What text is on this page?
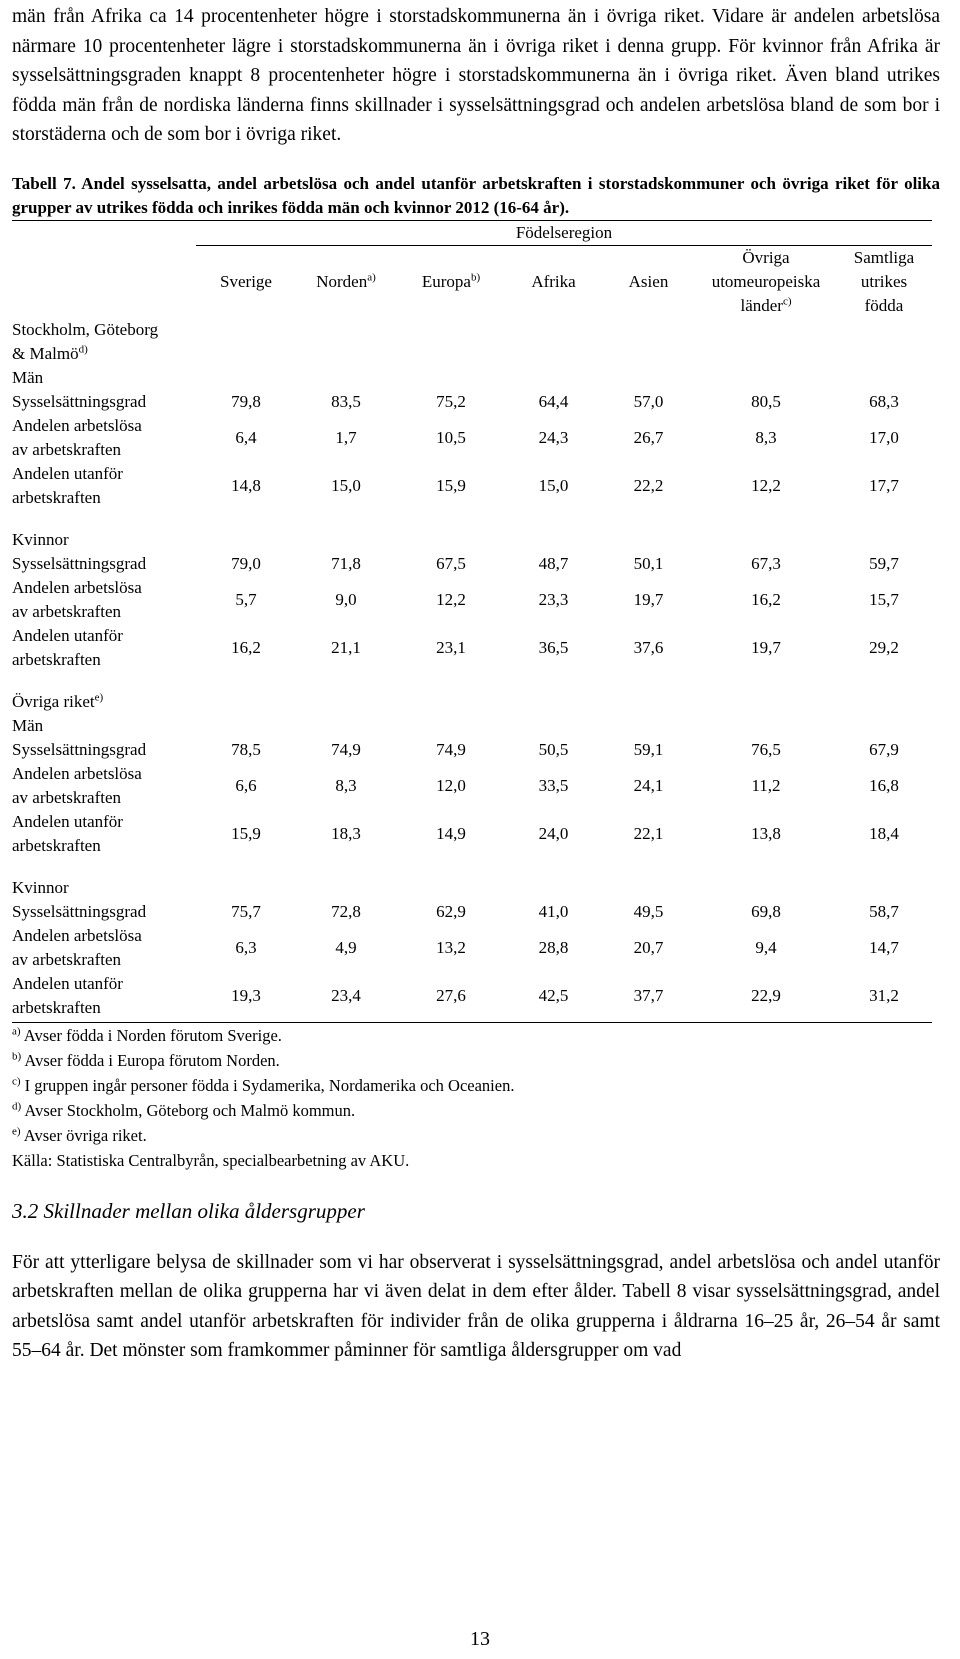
män från Afrika ca 14 procentenheter högre i storstadskommunerna än i övriga riket. Vidare är andelen arbetslösa närmare 10 procentenheter lägre i storstadskommunerna än i övriga riket i denna grupp. För kvinnor från Afrika är sysselsättningsgraden knappt 8 procentenheter högre i storstadskommunerna än i övriga riket. Även bland utrikes födda män från de nordiska länderna finns skillnader i sysselsättningsgrad och andelen arbetslösa bland de som bor i storstäderna och de som bor i övriga riket.

Tabell 7. Andel sysselsatta, andel arbetslösa och andel utanför arbetskraften i storstadskommuner och övriga riket för olika grupper av utrikes födda och inrikes födda män och kvinnor 2012 (16-64 år).

	Födelseregion						
	Sverige	Norden$^{a)}$	Europa$^{b)}$	Afrika	Asien	Övriga
utomeuropeiska
länder$^{c)}$	Samtliga
utrikes
födda
Stockholm, Göteborg
& Malmö$^{d)}$	
Män							
Sysselsättningsgrad	79,8	83,5	75,2	64,4	57,0	80,5	68,3
Andelen arbetslösa
av arbetskraften	6,4	1,7	10,5	24,3	26,7	8,3	17,0
Andelen utanför
arbetskraften	14,8	15,0	15,9	15,0	22,2	12,2	17,7

Kvinnor							
Sysselsättningsgrad	79,0	71,8	67,5	48,7	50,1	67,3	59,7
Andelen arbetslösa
av arbetskraften	5,7	9,0	12,2	23,3	19,7	16,2	15,7
Andelen utanför
arbetskraften	16,2	21,1	23,1	36,5	37,6	19,7	29,2

Övriga riket$^{e)}$	
Män							
Sysselsättningsgrad	78,5	74,9	74,9	50,5	59,1	76,5	67,9
Andelen arbetslösa
av arbetskraften	6,6	8,3	12,0	33,5	24,1	11,2	16,8
Andelen utanför
arbetskraften	15,9	18,3	14,9	24,0	22,1	13,8	18,4

Kvinnor							
Sysselsättningsgrad	75,7	72,8	62,9	41,0	49,5	69,8	58,7
Andelen arbetslösa
av arbetskraften	6,3	4,9	13,2	28,8	20,7	9,4	14,7
Andelen utanför
arbetskraften	19,3	23,4	27,6	42,5	37,7	22,9	31,2
$^{a)}$ Avser födda i Norden förutom Sverige.
$^{b)}$ Avser födda i Europa förutom Norden.
$^{c)}$ I gruppen ingår personer födda i Sydamerika, Nordamerika och Oceanien.
$^{d)}$ Avser Stockholm, Göteborg och Malmö kommun.
$^{e)}$ Avser övriga riket.
Källa: Statistiska Centralbyrån, specialbearbetning av AKU.
3.2 Skillnader mellan olika åldersgrupper

För att ytterligare belysa de skillnader som vi har observerat i sysselsättningsgrad, andel arbetslösa och andel utanför arbetskraften mellan de olika grupperna har vi även delat in dem efter ålder. Tabell 8 visar sysselsättningsgrad, andel arbetslösa samt andel utanför arbetskraften för individer från de olika grupperna i åldrarna 16–25 år, 26–54 år samt 55–64 år. Det mönster som framkommer påminner för samtliga åldersgrupper om vad

13
